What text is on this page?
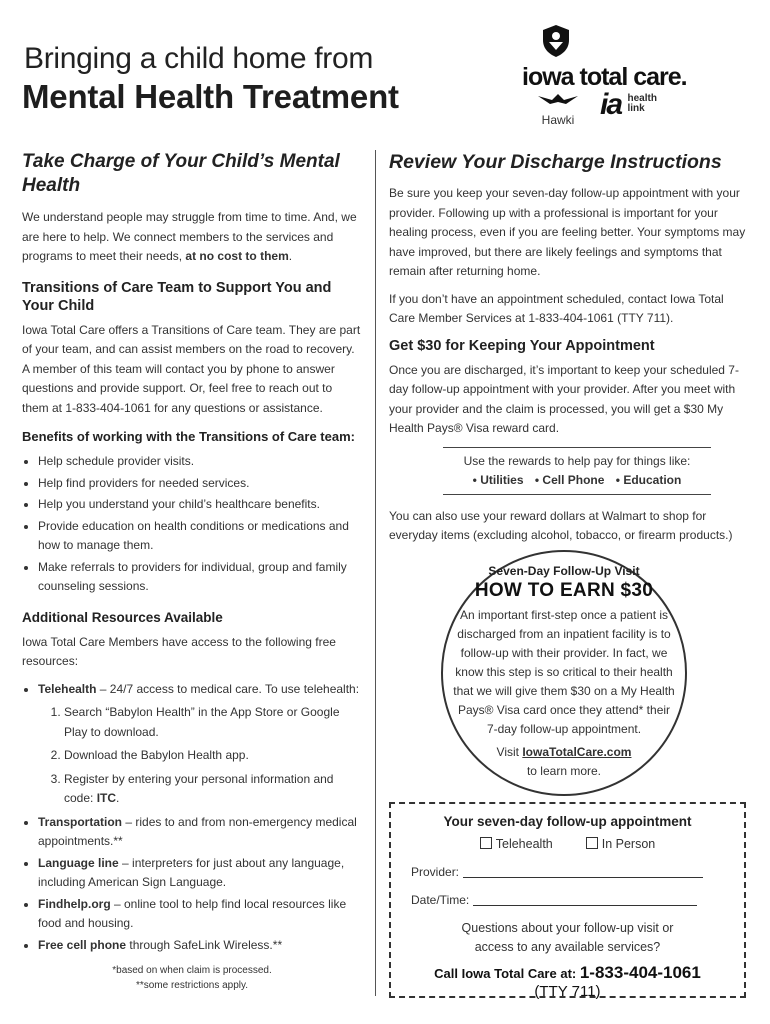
Bringing a child home from
Mental Health Treatment
iowa total care.
Hawki ia health
link
Take Charge of Your Child’s Mental Health

We understand people may struggle from time to time. And, we are here to help. We connect members to the services and programs to meet their needs, at no cost to them.

Transitions of Care Team to Support You and Your Child

Iowa Total Care offers a Transitions of Care team. They are part of your team, and can assist members on the road to recovery. A member of this team will contact you by phone to answer questions and provide support. Or, feel free to reach out to them at 1-833-404-1061 for any questions or assistance.

Benefits of working with the Transitions of Care team:
• Help schedule provider visits.
• Help find providers for needed services.
• Help you understand your child’s healthcare benefits.
• Provide education on health conditions or medications and how to manage them.
• Make referrals to providers for individual, group and family counseling sessions.
Additional Resources Available

Iowa Total Care Members have access to the following free resources:

• Telehealth – 24/7 access to medical care. To use telehealth:
1. Search “Babylon Health” in the App Store or Google Play to download.
2. Download the Babylon Health app.
3. Register by entering your personal information and code: ITC.
• Transportation – rides to and from non-emergency medical appointments.**
• Language line – interpreters for just about any language, including American Sign Language.
• Findhelp.org – online tool to help find local resources like food and housing.
• Free cell phone through SafeLink Wireless.**
*based on when claim is processed.
**some restrictions apply.
Review Your Discharge Instructions

Be sure you keep your seven-day follow-up appointment with your provider. Following up with a professional is important for your healing process, even if you are feeling better. Your symptoms may have improved, but there are likely feelings and symptoms that remain after returning home.

If you don’t have an appointment scheduled, contact Iowa Total Care Member Services at 1-833-404-1061 (TTY 711).

Get $30 for Keeping Your Appointment

Once you are discharged, it’s important to keep your scheduled 7-day follow-up appointment with your provider. After you meet with your provider and the claim is processed, you will get a $30 My Health Pays® Visa reward card.

Use the rewards to help pay for things like:
• Utilities • Cell Phone • Education

You can also use your reward dollars at Walmart to shop for everyday items (excluding alcohol, tobacco, or firearm products.)

Seven-Day Follow-Up Visit
HOW TO EARN $30
An important first-step once a patient is discharged from an inpatient facility is to follow-up with their provider. In fact, we know this step is so critical to their health that we will give them $30 on a My Health Pays® Visa card once they attend* their 7-day follow-up appointment.
Visit IowaTotalCare.com
to learn more.
Your seven-day follow-up appointment
Telehealth	In Person
Provider:
Date/Time:
Questions about your follow-up visit or access to any available services?
Call Iowa Total Care at: 1-833-404-1061
(TTY 711)
